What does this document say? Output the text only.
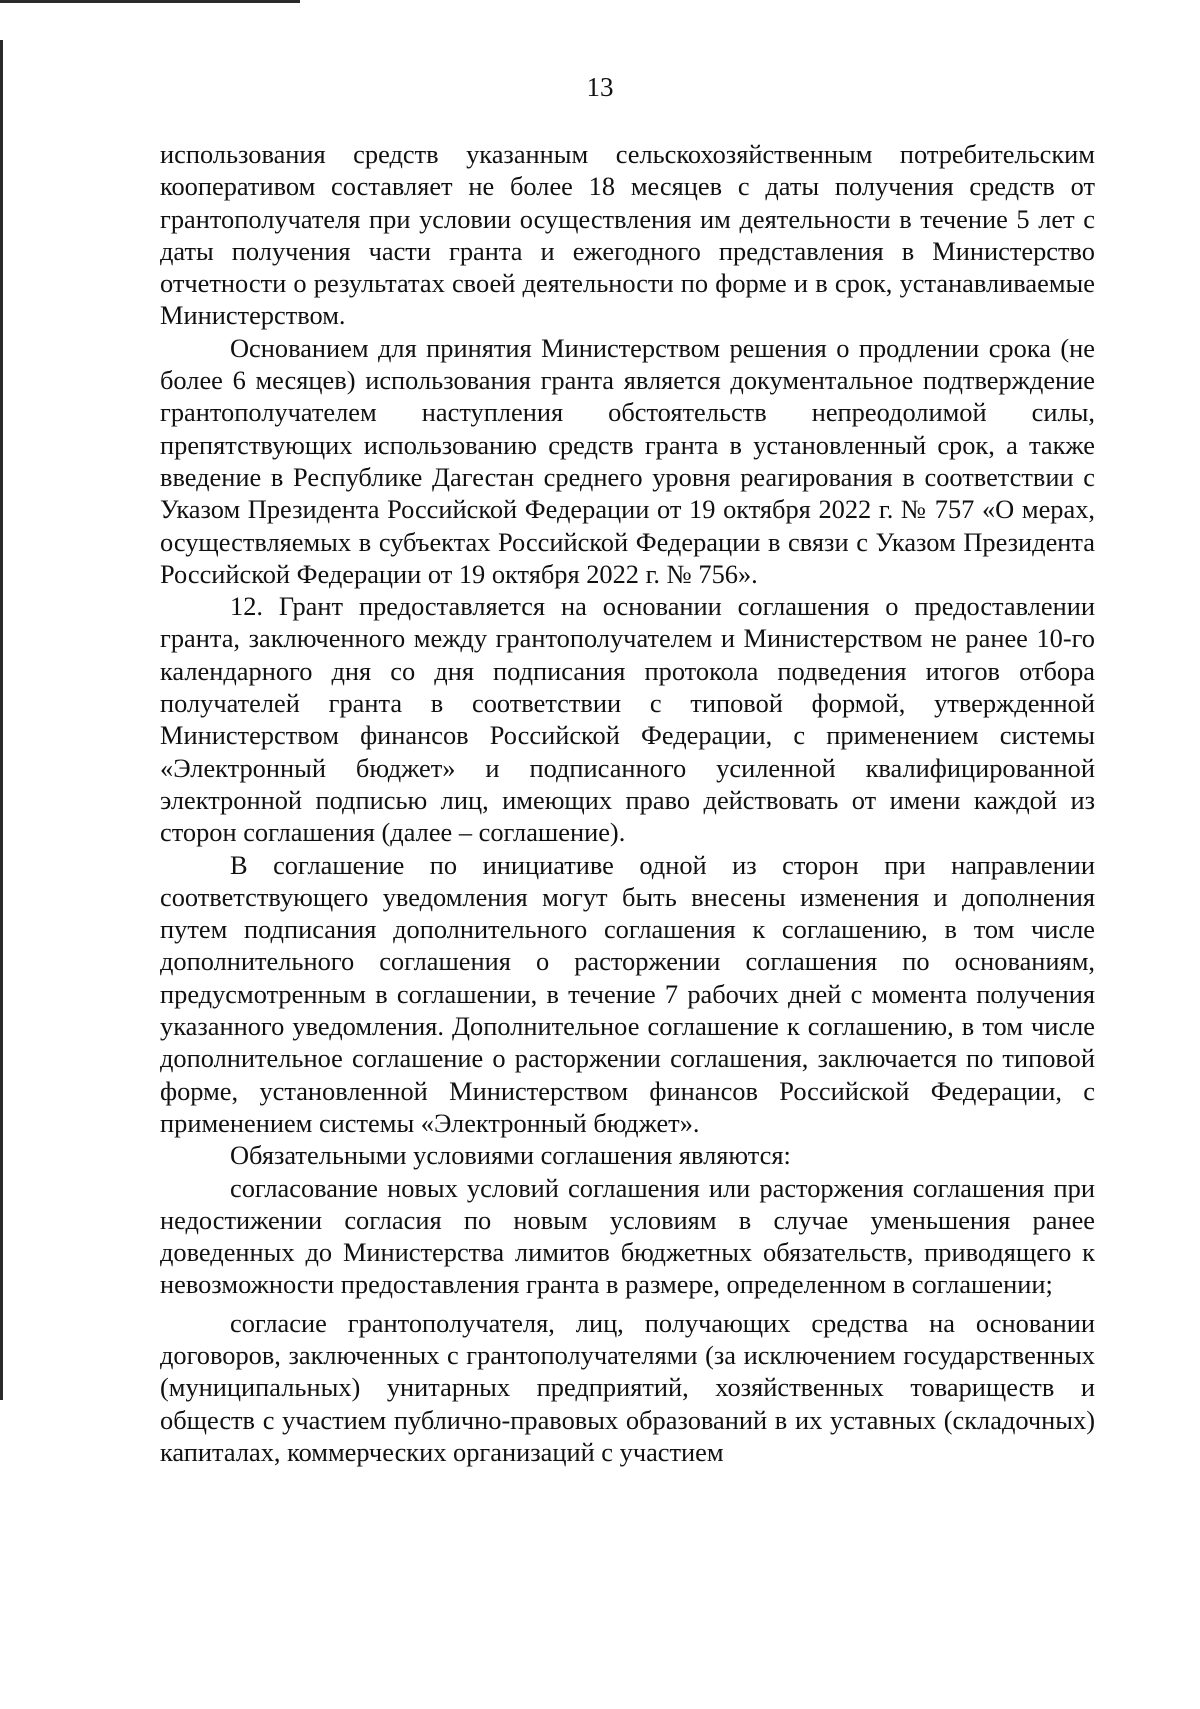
13

использования средств указанным сельскохозяйственным потребительским кооперативом составляет не более 18 месяцев с даты получения средств от грантополучателя при условии осуществления им деятельности в течение 5 лет с даты получения части гранта и ежегодного представления в Министерство отчетности о результатах своей деятельности по форме и в срок, устанавливаемые Министерством.

Основанием для принятия Министерством решения о продлении срока (не более 6 месяцев) использования гранта является документальное подтверждение грантополучателем наступления обстоятельств непреодолимой силы, препятствующих использованию средств гранта в установленный срок, а также введение в Республике Дагестан среднего уровня реагирования в соответствии с Указом Президента Российской Федерации от 19 октября 2022 г. № 757 «О мерах, осуществляемых в субъектах Российской Федерации в связи с Указом Президента Российской Федерации от 19 октября 2022 г. № 756».

12. Грант предоставляется на основании соглашения о предоставлении гранта, заключенного между грантополучателем и Министерством не ранее 10-го календарного дня со дня подписания протокола подведения итогов отбора получателей гранта в соответствии с типовой формой, утвержденной Министерством финансов Российской Федерации, с применением системы «Электронный бюджет» и подписанного усиленной квалифицированной электронной подписью лиц, имеющих право действовать от имени каждой из сторон соглашения (далее – соглашение).

В соглашение по инициативе одной из сторон при направлении соответствующего уведомления могут быть внесены изменения и дополнения путем подписания дополнительного соглашения к соглашению, в том числе дополнительного соглашения о расторжении соглашения по основаниям, предусмотренным в соглашении, в течение 7 рабочих дней с момента получения указанного уведомления. Дополнительное соглашение к соглашению, в том числе дополнительное соглашение о расторжении соглашения, заключается по типовой форме, установленной Министерством финансов Российской Федерации, с применением системы «Электронный бюджет».

Обязательными условиями соглашения являются:

согласование новых условий соглашения или расторжения соглашения при недостижении согласия по новым условиям в случае уменьшения ранее доведенных до Министерства лимитов бюджетных обязательств, приводящего к невозможности предоставления гранта в размере, определенном в соглашении;

согласие грантополучателя, лиц, получающих средства на основании договоров, заключенных с грантополучателями (за исключением государственных (муниципальных) унитарных предприятий, хозяйственных товариществ и обществ с участием публично-правовых образований в их уставных (складочных) капиталах, коммерческих организаций с участием
